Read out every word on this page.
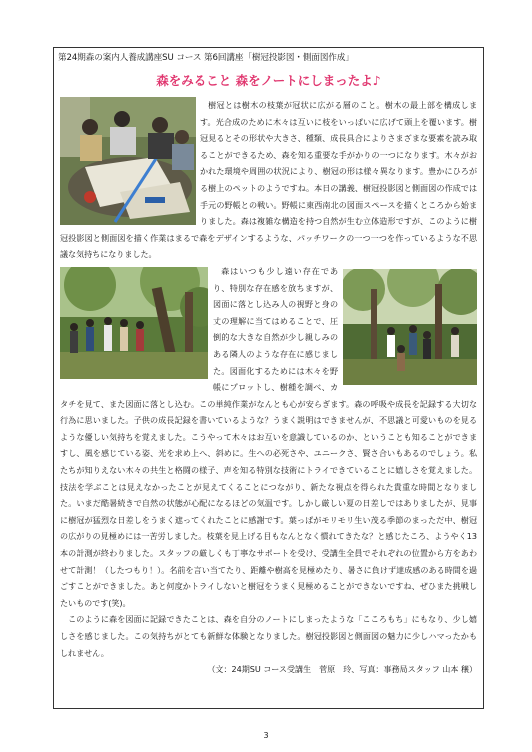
第24期森の案内人養成講座SU コース 第6回講座「樹冠投影図・側面図作成」
森をみること 森をノートにしまったよ♪

樹冠とは樹木の枝葉が冠状に広がる層のこと。樹木の最上部を構成します。光合成のために木々は互いに枝をいっぱいに広げて頭上を覆います。樹冠見るとその形状や大きさ、種類、成長具合によりさまざまな要素を読み取ることができるため、森を知る重要な手がかりの一つになります。木々がおかれた環境や周囲の状況により、樹冠の形は様々異なります。豊かにひろがる樹上のペットのようですね。本日の講義、樹冠投影図と側面図の作成では手元の野帳との戦い。野帳に東西南北の図面スペースを描くところから始まりました。森は複雑な構造を持つ自然が生む立体造形ですが、このように樹冠投影図と側面図を描く作業はまるで森をデザインするような、パッチワークの一つ一つを作っているような不思議な気持ちになりました。

森はいつも少し遠い存在であり、特別な存在感を放ちますが、図面に落とし込み人の視野と身の丈の理解に当てはめることで、圧倒的な大きな自然が少し親しみのある隣人のような存在に感じました。図面化するためには木々を野帳にプロットし、樹種を調べ、カタチを見て、また図面に落とし込む。この単純作業がなんとも心が安らぎます。森の呼吸や成長を記録する大切な行為に思いました。子供の成長記録を書いているような？うまく説明はできませんが、不思議と可愛いものを見るような優しい気持ちを覚えました。こうやって木々はお互いを意識しているのか、ということも知ることができますし、風を感じている姿、光を求め上へ、斜めに。生への必死さや、ユニークさ、賢さ合いもあるのでしょう。私たちが知りえない木々の共生と格闘の様子、声を知る特別な技術にトライできていることに嬉しさを覚えました。技法を学ぶことは見えなかったことが見えてくることにつながり、新たな視点を得られた貴重な時間となりました。いまだ酷暑続きで自然の状態が心配になるほどの気温です。しかし厳しい夏の日差しではありましたが、見事に樹冠が猛烈な日差しをうまく遮ってくれたことに感謝です。葉っぱがモリモリ生い茂る季節のまっただ中、樹冠の広がりの見極めには一苦労しました。枝葉を見上げる目もなんとなく慣れてきたな？と感じたころ、ようやく13本の計測が終わりました。スタッフの厳しくも丁寧なサポートを受け、受講生全員でそれぞれの位置から方をあわせて計測！（したつもり！）。名前を言い当てたり、距離や樹高を見極めたり、暑さに負けず達成感のある時間を過ごすことができました。あと何度かトライしないと樹冠をうまく見極めることができないですね、ぜひまた挑戦したいものです(笑)。

このように森を図面に記録できたことは、森を自分のノートにしまったような「こころもち」にもなり、少し嬉しさを感じました。この気持ちがとても新鮮な体験となりました。樹冠投影図と側面図の魅力に少しハマったかもしれません。

（文：24期SU コース受講生　菅原　玲、写真：事務局スタッフ 山本 穣）

3
